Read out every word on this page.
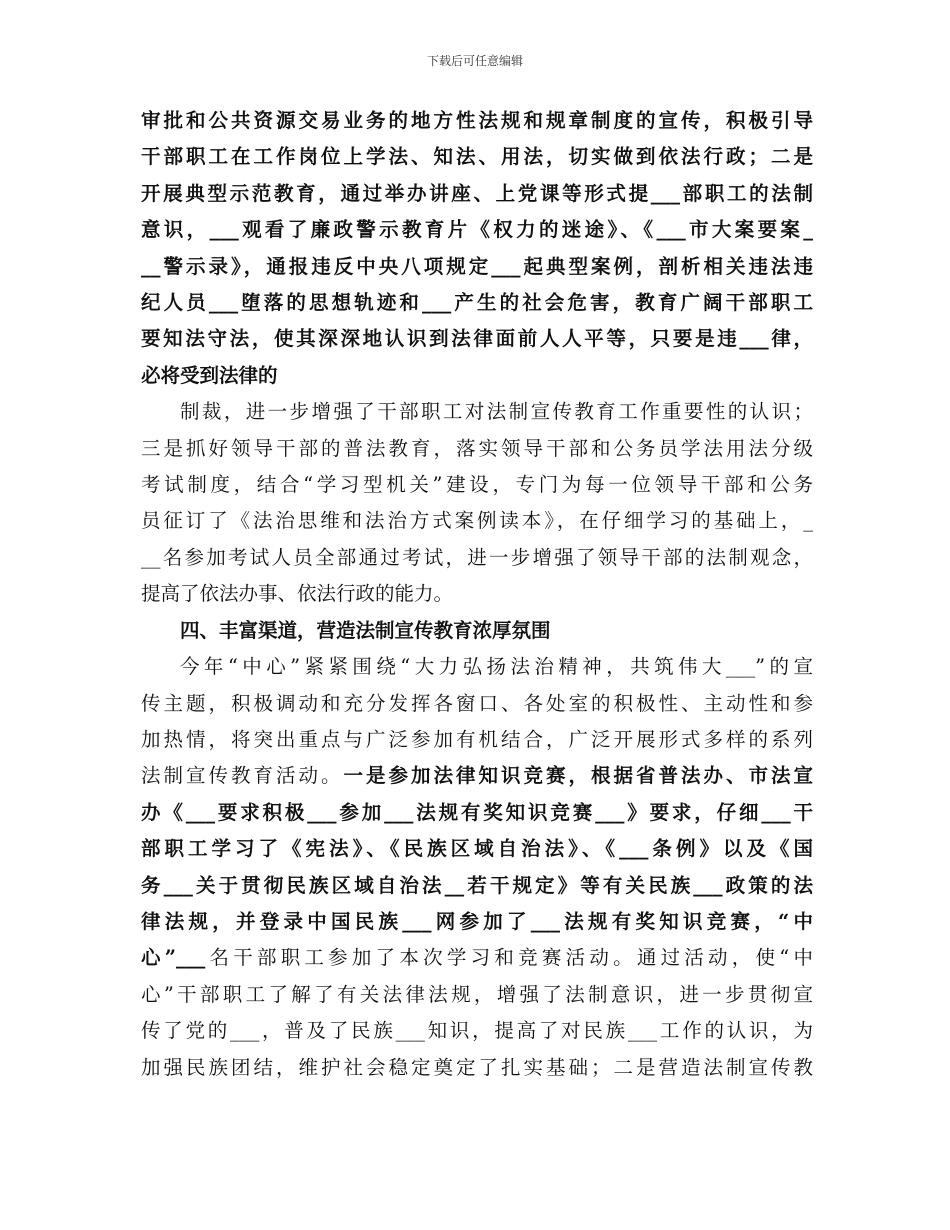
下载后可任意编辑

审批和公共资源交易业务的地方性法规和规章制度的宣传，积极引导
干部职工在工作岗位上学法、知法、用法，切实做到依法行政；二是
开展典型示范教育，通过举办讲座、上党课等形式提___部职工的法制
意识，___观看了廉政警示教育片《权力的迷途》、《___市大案要案_
__警示录》，通报违反中央八项规定___起典型案例，剖析相关违法违
纪人员___堕落的思想轨迹和___产生的社会危害，教育广阔干部职工
要知法守法，使其深深地认识到法律面前人人平等，只要是违___律，
必将受到法律的

制裁，进一步增强了干部职工对法制宣传教育工作重要性的认识；
三是抓好领导干部的普法教育，落实领导干部和公务员学法用法分级
考试制度，结合“学习型机关”建设，专门为每一位领导干部和公务
员征订了《法治思维和法治方式案例读本》，在仔细学习的基础上，_
__名参加考试人员全部通过考试，进一步增强了领导干部的法制观念，
提高了依法办事、依法行政的能力。

四、丰富渠道，营造法制宣传教育浓厚氛围

今年“中心”紧紧围绕“大力弘扬法治精神，共筑伟大___”的宣
传主题，积极调动和充分发挥各窗口、各处室的积极性、主动性和参
加热情，将突出重点与广泛参加有机结合，广泛开展形式多样的系列
法制宣传教育活动。一是参加法律知识竞赛，根据省普法办、市法宣
办《___要求积极___参加___法规有奖知识竞赛___》要求，仔细___干
部职工学习了《宪法》、《民族区域自治法》、《___条例》以及《国
务___关于贯彻民族区域自治法__若干规定》等有关民族___政策的法
律法规，并登录中国民族___网参加了___法规有奖知识竞赛，“中
心”___名干部职工参加了本次学习和竞赛活动。通过活动，使“中
心”干部职工了解了有关法律法规，增强了法制意识，进一步贯彻宣
传了党的___，普及了民族___知识，提高了对民族___工作的认识，为
加强民族团结，维护社会稳定奠定了扎实基础；二是营造法制宣传教
